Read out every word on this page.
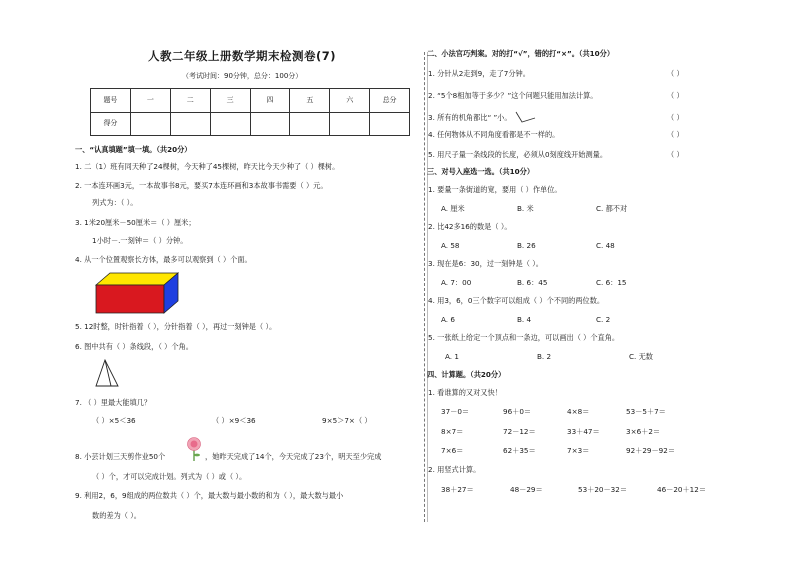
人教二年级上册数学期末检测卷(7)
（考试时间：90分钟，总分：100分）
题号	一	二	三	四	五	六	总分
得分							
一、“认真填题”填一填。（共20分）
1. 二（1）班有同天种了24棵树，今天种了45棵树，昨天比今天少种了（ ）棵树。
2. 一本连环画3元，一本故事书8元，要买7本连环画和3本故事书需要（ ）元。
列式为：（ ）。
3. 1米20厘米－50厘米＝（ ）厘米；
1小时－.一刻钟＝（ ）分钟。
4. 从一个位置观察长方体，最多可以观察到（ ）个面。
5. 12时整，时针指着（ ），分针指着（ ），再过一刻钟是（ ）。
6. 图中共有（ ）条线段，（ ）个角。
7. （ ）里最大能填几？
（ ）×5＜36	（ ）×9＜36	9×5＞7×（ ）
8. 小芸计划三天剪作业50个	，她昨天完成了14个，今天完成了23个，明天至少完成
（ ）个，才可以完成计划。列式为（ ）或（ ）。
9. 利用2，6，9组成的两位数共（ ）个，最大数与最小数的和为（ ），最大数与最小
数的差为（ ）。
二、小法官巧判案。对的打“√”，错的打“×”。（共10分）
1. 分针从2走到9，走了7分钟。	（ ）
2. “5个8相加等于多少？”这个问题只能用加法计算。	（ ）
3. 所有的机角都比“ ”小。	（ ）
4. 任何物体从不同角度看都是不一样的。	（ ）
5. 用尺子量一条线段的长度，必须从0刻度线开始测量。	（ ）
三、对号入座选一选。（共10分）
1. 要量一条街道的宽，要用（ ）作单位。
A. 厘米	B. 米	C. 都不对
2. 比42多16的数是（ ）。
A. 58	B. 26	C. 48
3. 现在是6：30，过一刻钟是（ ）。
A. 7：00	B. 6：45	C. 6：15
4. 用3，6，0三个数字可以组成（ ）个不同的两位数。
A. 6	B. 4	C. 2
5. 一张纸上给定一个顶点和一条边，可以画出（ ）个直角。
A. 1	B. 2	C. 无数
四、计算题。（共20分）
1. 看谁算的又对又快！
37－0＝	96＋0＝	4×8＝	53－5＋7＝
8×7＝	72－12＝	33＋47＝	3×6＋2＝
7×6＝	62＋35＝	7×3＝	92＋29－92＝
2. 用竖式计算。
38＋27＝	48－29＝	53＋20－32＝	46－20＋12＝
